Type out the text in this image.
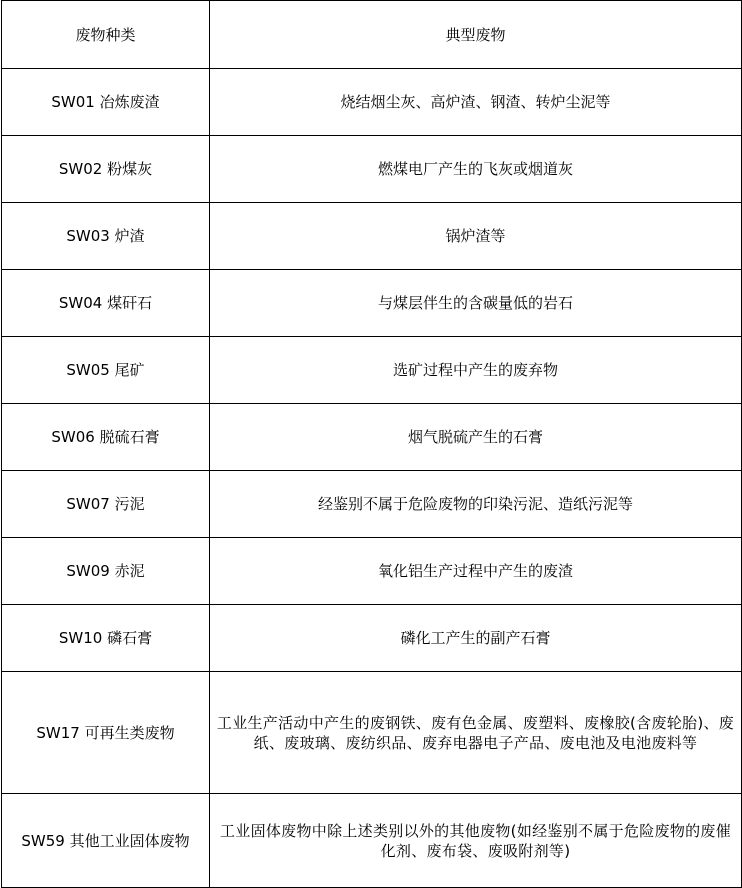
废物种类	典型废物
SW01 冶炼废渣	烧结烟尘灰、高炉渣、钢渣、转炉尘泥等
SW02 粉煤灰	燃煤电厂产生的飞灰或烟道灰
SW03 炉渣	锅炉渣等
SW04 煤矸石	与煤层伴生的含碳量低的岩石
SW05 尾矿	选矿过程中产生的废弃物
SW06 脱硫石膏	烟气脱硫产生的石膏
SW07 污泥	经鉴别不属于危险废物的印染污泥、造纸污泥等
SW09 赤泥	氧化铝生产过程中产生的废渣
SW10 磷石膏	磷化工产生的副产石膏
SW17 可再生类废物	工业生产活动中产生的废钢铁、废有色金属、废塑料、废橡胶(含废轮胎)、废纸、废玻璃、废纺织品、废弃电器电子产品、废电池及电池废料等
SW59 其他工业固体废物	工业固体废物中除上述类别以外的其他废物(如经鉴别不属于危险废物的废催化剂、废布袋、废吸附剂等)
